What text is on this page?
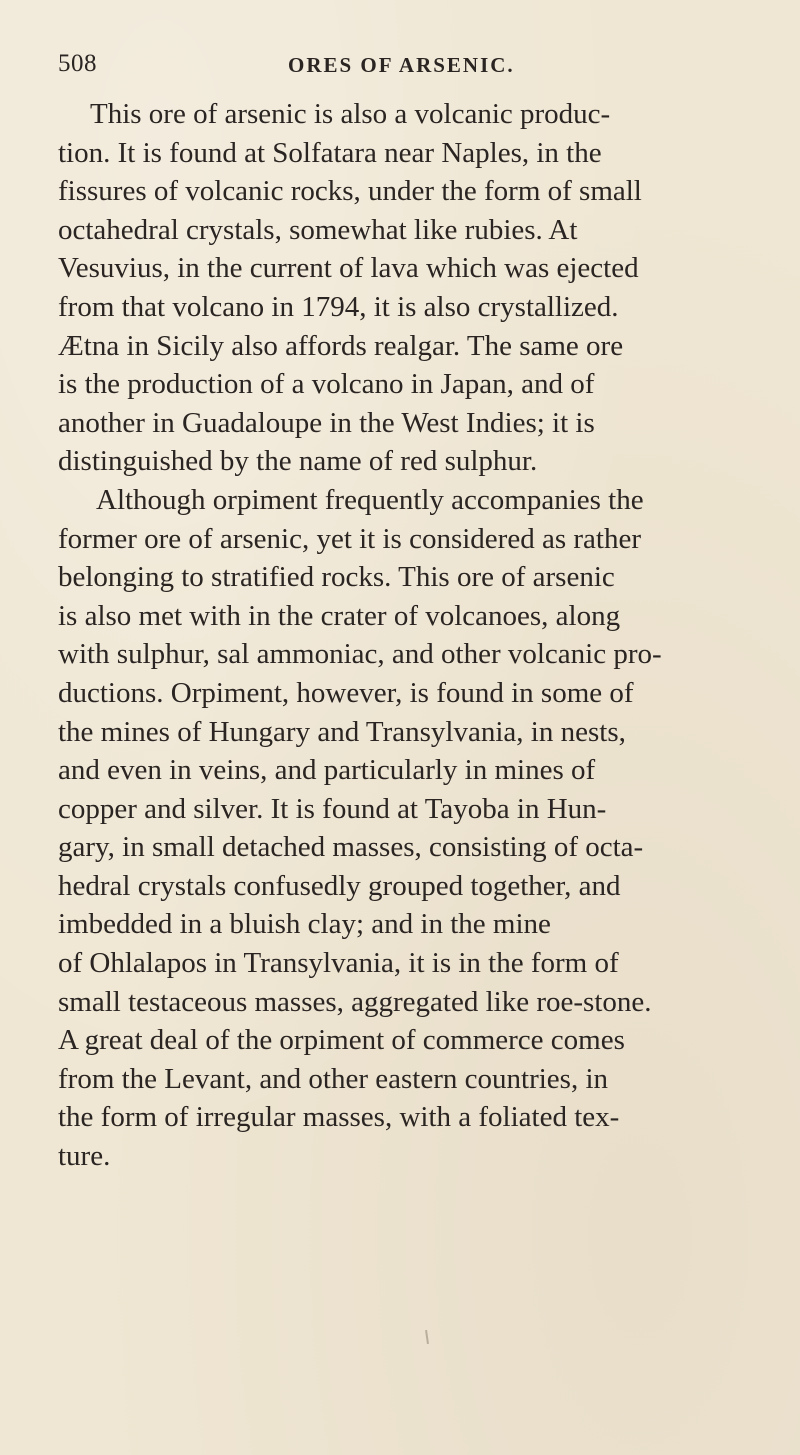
508	ORES OF ARSENIC.
This ore of arsenic is also a volcanic produc-
tion. It is found at Solfatara near Naples, in the
fissures of volcanic rocks, under the form of small
octahedral crystals, somewhat like rubies. At
Vesuvius, in the current of lava which was ejected
from that volcano in 1794, it is also crystallized.
Ætna in Sicily also affords realgar. The same ore
is the production of a volcano in Japan, and of
another in Guadaloupe in the West Indies; it is
distinguished by the name of red sulphur.
Although orpiment frequently accompanies the
former ore of arsenic, yet it is considered as rather
belonging to stratified rocks. This ore of arsenic
is also met with in the crater of volcanoes, along
with sulphur, sal ammoniac, and other volcanic pro-
ductions. Orpiment, however, is found in some of
the mines of Hungary and Transylvania, in nests,
and even in veins, and particularly in mines of
copper and silver. It is found at Tayoba in Hun-
gary, in small detached masses, consisting of octa-
hedral crystals confusedly grouped together, and
imbedded in a bluish clay; and in the mine
of Ohlalapos in Transylvania, it is in the form of
small testaceous masses, aggregated like roe-stone.
A great deal of the orpiment of commerce comes
from the Levant, and other eastern countries, in
the form of irregular masses, with a foliated tex-
ture.
